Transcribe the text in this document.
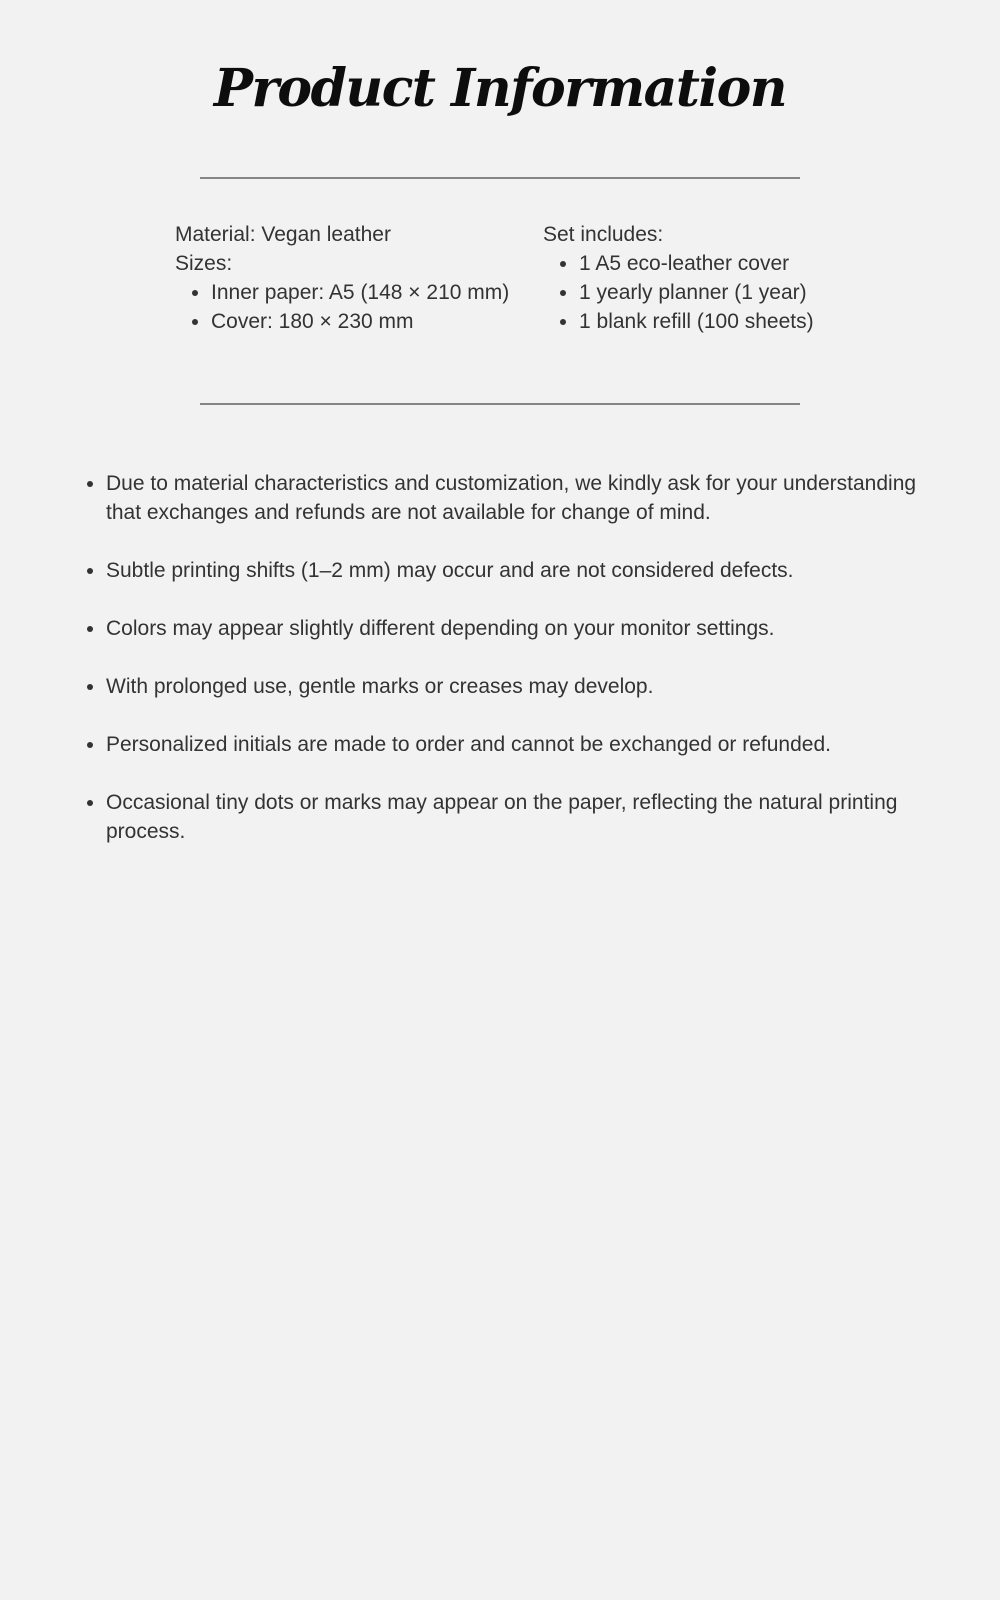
Product Information

Material: Vegan leather

Sizes:

• Inner paper: A5 (148 × 210 mm)
• Cover: 180 × 230 mm

Set includes:

• 1 A5 eco-leather cover
• 1 yearly planner (1 year)
• 1 blank refill (100 sheets)
• Due to material characteristics and customization, we kindly ask for your understanding that exchanges and refunds are not available for change of mind.
• Subtle printing shifts (1–2 mm) may occur and are not considered defects.
• Colors may appear slightly different depending on your monitor settings.
• With prolonged use, gentle marks or creases may develop.
• Personalized initials are made to order and cannot be exchanged or refunded.
• Occasional tiny dots or marks may appear on the paper, reflecting the natural printing process.
